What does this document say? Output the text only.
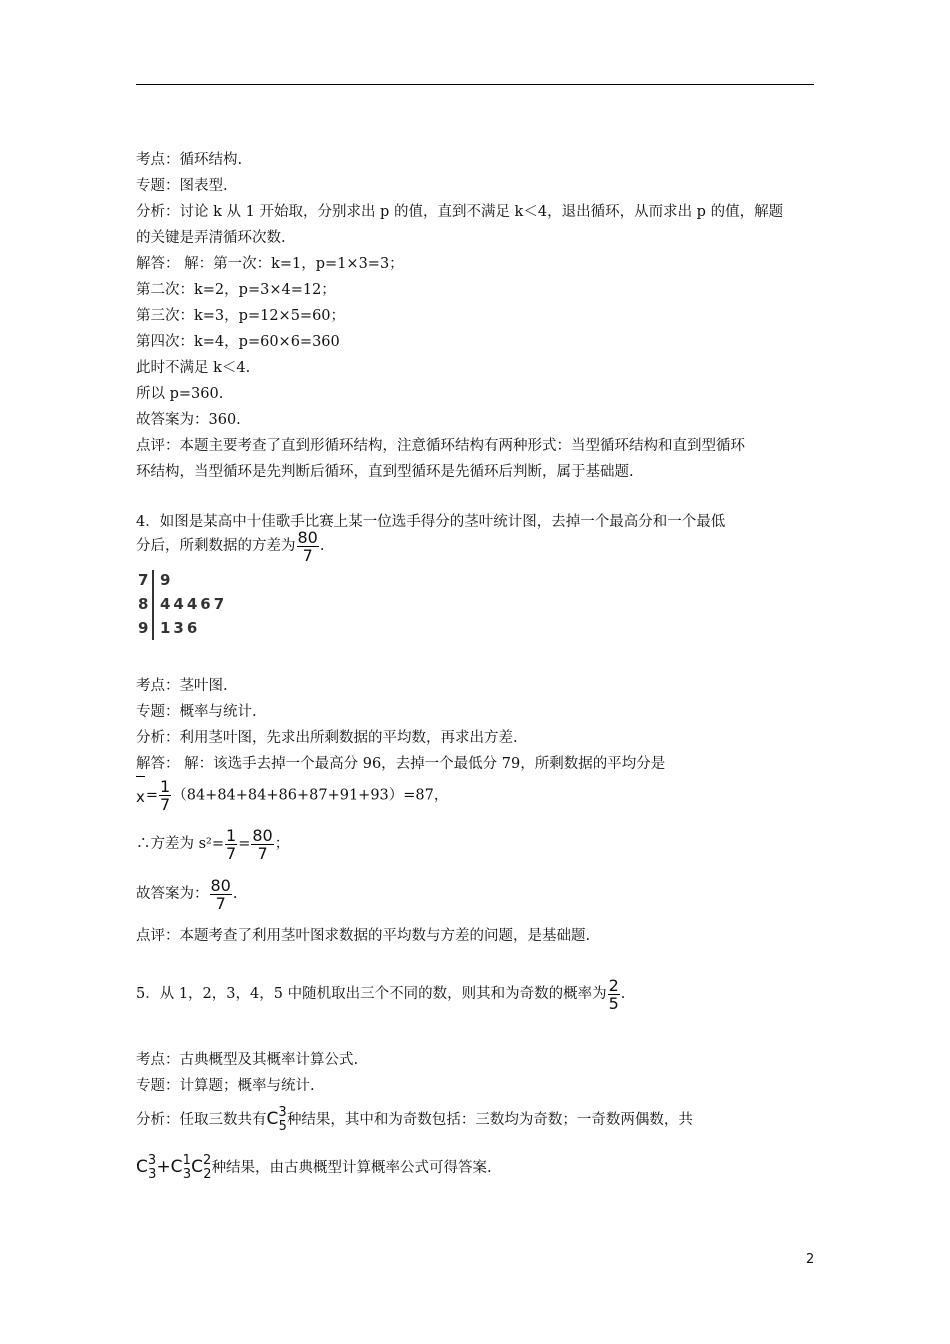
考点：循环结构.
专题：图表型.
分析：讨论 k 从 1 开始取，分别求出 p 的值，直到不满足 k＜4，退出循环，从而求出 p 的值，解题
的关键是弄清循环次数.
解答： 解：第一次：k=1，p=1×3=3；
第二次：k=2，p=3×4=12；
第三次：k=3，p=12×5=60；
第四次：k=4，p=60×6=360
此时不满足 k＜4.
所以 p=360.
故答案为：360.
点评：本题主要考查了直到形循环结构，注意循环结构有两种形式：当型循环结构和直到型循环
环结构，当型循环是先判断后循环，直到型循环是先循环后判断，属于基础题.
4．如图是某高中十佳歌手比赛上某一位选手得分的茎叶统计图，去掉一个最高分和一个最低
分后，所剩数据的方差为 $\frac{80}{7}$ .
7 9
8 44467
9 136
考点：茎叶图.
专题：概率与统计.
分析：利用茎叶图，先求出所剩数据的平均数，再求出方差.
解答： 解：该选手去掉一个最高分 96，去掉一个最低分 79，所剩数据的平均分是
$x= \frac{1}{7} (84+84+84+86+87+91+93)=87$，
∴方差为 $s^2= \frac{1}{7} = \frac{80}{7}$ ；
故答案为： $\frac{80}{7}$ .
点评：本题考查了利用茎叶图求数据的平均数与方差的问题，是基础题.
5．从 1，2，3，4，5 中随机取出三个不同的数，则其和为奇数的概率为 $\frac{2}{5}$ .
考点：古典概型及其概率计算公式.
专题：计算题；概率与统计.
分析：任取三数共有$C^3_5$种结果，其中和为奇数包括：三数均为奇数；一奇数两偶数，共
$C^3_3+C^1_3C^2_2$种结果，由古典概型计算概率公式可得答案.
2
